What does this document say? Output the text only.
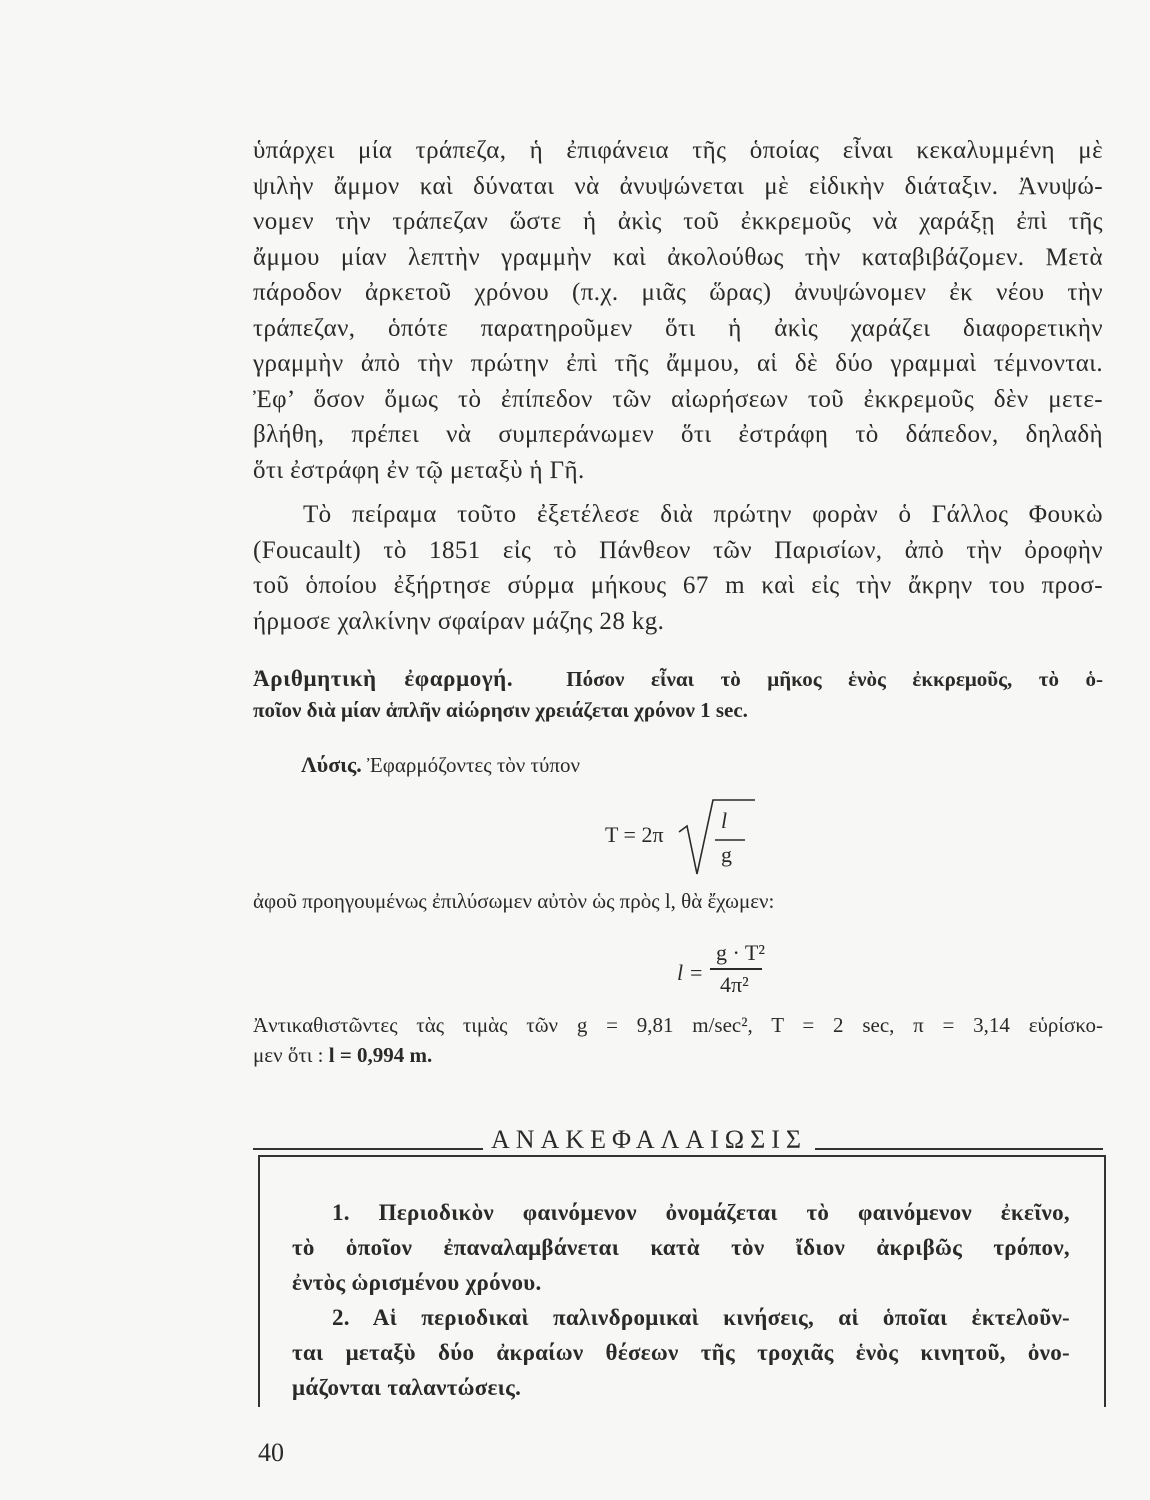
ὑπάρχει μία τράπεζα, ἡ ἐπιφάνεια τῆς ὁποίας εἶναι κεκαλυμμένη μὲ

ψιλὴν ἄμμον καὶ δύναται νὰ ἀνυψώνεται μὲ εἰδικὴν διάταξιν. Ἀνυψώ-

νομεν τὴν τράπεζαν ὥστε ἡ ἀκὶς τοῦ ἐκκρεμοῦς νὰ χαράξῃ ἐπὶ τῆς

ἄμμου μίαν λεπτὴν γραμμὴν καὶ ἀκολούθως τὴν καταβιβάζομεν. Μετὰ

πάροδον ἀρκετοῦ χρόνου (π.χ. μιᾶς ὥρας) ἀνυψώνομεν ἐκ νέου τὴν

τράπεζαν, ὁπότε παρατηροῦμεν ὅτι ἡ ἀκὶς χαράζει διαφορετικὴν

γραμμὴν ἀπὸ τὴν πρώτην ἐπὶ τῆς ἄμμου, αἱ δὲ δύο γραμμαὶ τέμνονται.

Ἐφ’ ὅσον ὅμως τὸ ἐπίπεδον τῶν αἰωρήσεων τοῦ ἐκκρεμοῦς δὲν μετε-

βλήθη, πρέπει νὰ συμπεράνωμεν ὅτι ἐστράφη τὸ δάπεδον, δηλαδὴ

ὅτι ἐστράφη ἐν τῷ μεταξὺ ἡ Γῆ.

Τὸ πείραμα τοῦτο ἐξετέλεσε διὰ πρώτην φορὰν ὁ Γάλλος Φουκὼ

(Foucault) τὸ 1851 εἰς τὸ Πάνθεον τῶν Παρισίων, ἀπὸ τὴν ὀροφὴν

τοῦ ὁποίου ἐξήρτησε σύρμα μήκους 67 m καὶ εἰς τὴν ἄκρην του προσ-

ήρμοσε χαλκίνην σφαίραν μάζης 28 kg.

Ἀριθμητικὴ ἐφαρμογή.	Πόσον εἶναι τὸ μῆκος ἑνὸς ἐκκρεμοῦς, τὸ ὁ-

ποῖον διὰ μίαν ἁπλῆν αἰώρησιν χρειάζεται χρόνον 1 sec.

Λύσις. Ἐφαρμόζοντες τὸν τύπον
T = 2π
l
g
ἀφοῦ προηγουμένως ἐπιλύσωμεν αὐτὸν ὡς πρὸς l, θὰ ἔχωμεν:
l =
g · T²
4π²

Ἀντικαθιστῶντες τὰς τιμὰς τῶν g = 9,81 m/sec², T = 2 sec, π = 3,14 εὑρίσκο-

μεν ὅτι : l = 0,994 m.

ΑΝΑΚΕΦΑΛΑΙΩΣΙΣ

1. Περιοδικὸν φαινόμενον ὀνομάζεται τὸ φαινόμενον ἐκεῖνο,

τὸ ὁποῖον ἐπαναλαμβάνεται κατὰ τὸν ἴδιον ἀκριβῶς τρόπον,

ἐντὸς ὡρισμένου χρόνου.

2. Αἱ περιοδικαὶ παλινδρομικαὶ κινήσεις, αἱ ὁποῖαι ἐκτελοῦν-

ται μεταξὺ δύο ἀκραίων θέσεων τῆς τροχιᾶς ἑνὸς κινητοῦ, ὀνο-

μάζονται ταλαντώσεις.

40
